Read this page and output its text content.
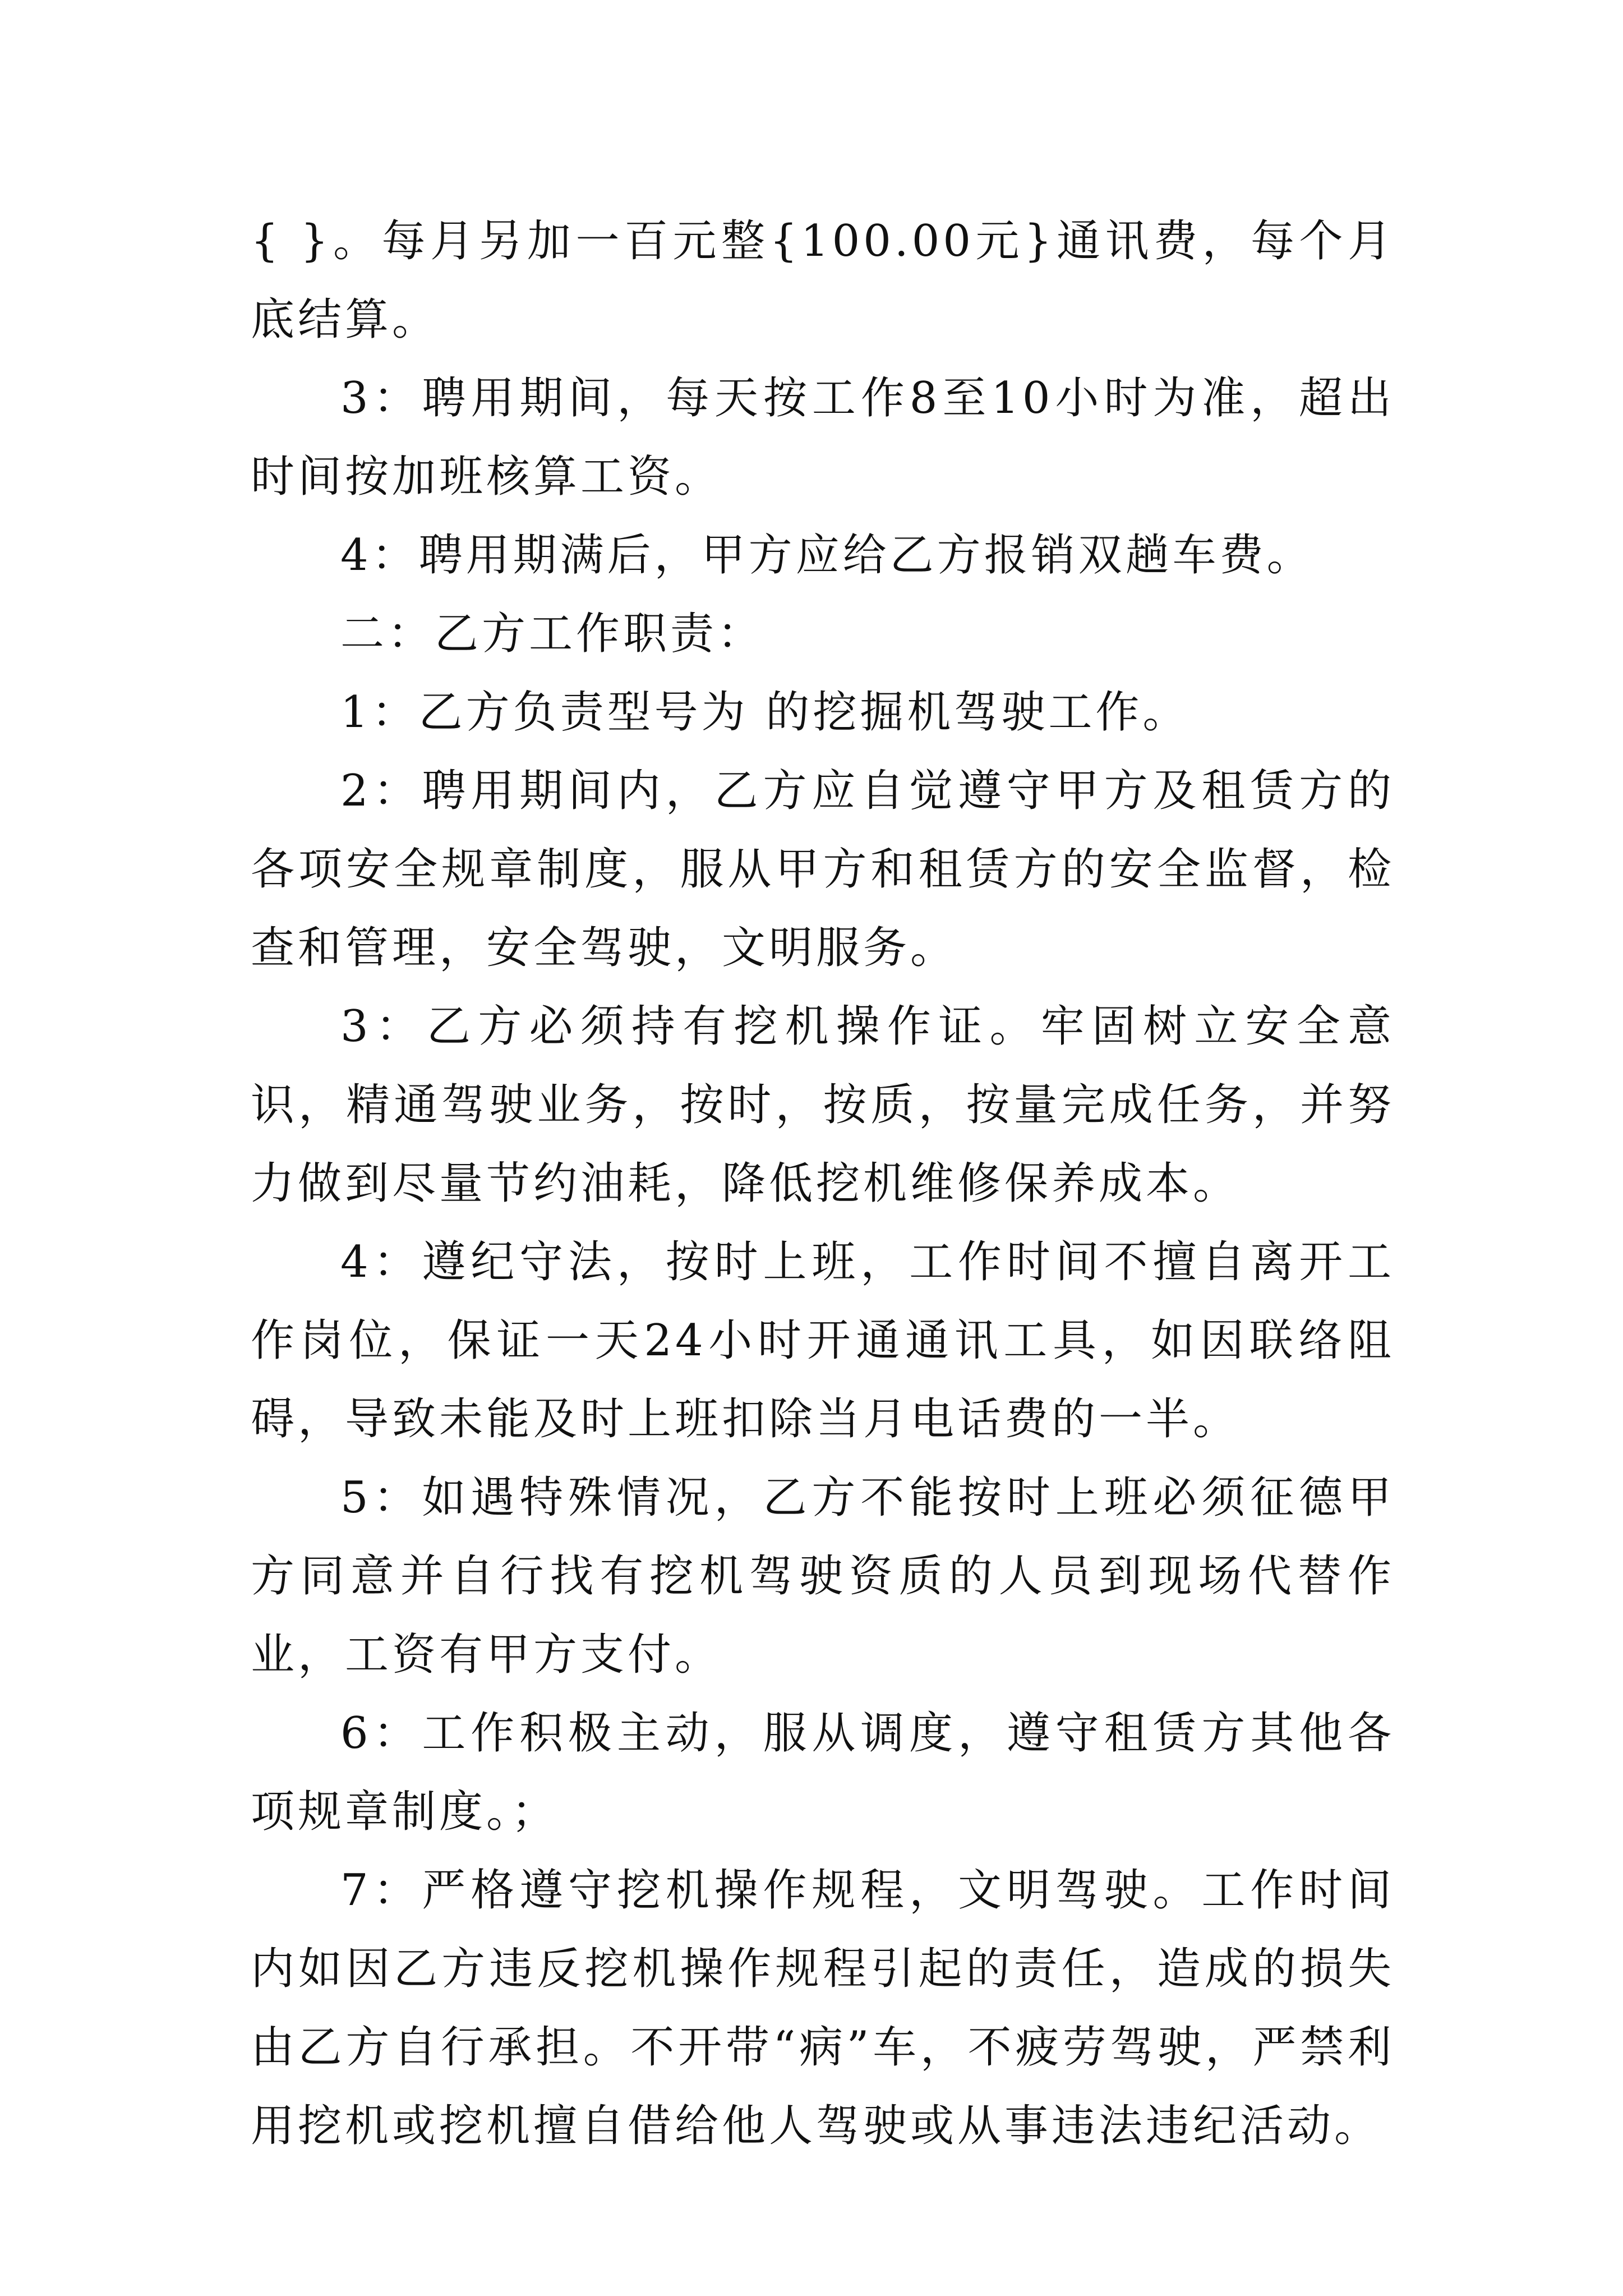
{ }。每月另加一百元整{100.00元}通讯费，每个月底结算。

3：聘用期间，每天按工作8至10小时为准，超出时间按加班核算工资。

4：聘用期满后，甲方应给乙方报销双趟车费。

二：乙方工作职责：

1：乙方负责型号为 的挖掘机驾驶工作。

2：聘用期间内，乙方应自觉遵守甲方及租赁方的各项安全规章制度，服从甲方和租赁方的安全监督，检查和管理，安全驾驶，文明服务。

3：乙方必须持有挖机操作证。牢固树立安全意识，精通驾驶业务，按时，按质，按量完成任务，并努力做到尽量节约油耗，降低挖机维修保养成本。

4：遵纪守法，按时上班，工作时间不擅自离开工作岗位，保证一天24小时开通通讯工具，如因联络阻碍，导致未能及时上班扣除当月电话费的一半。

5：如遇特殊情况，乙方不能按时上班必须征德甲方同意并自行找有挖机驾驶资质的人员到现场代替作业，工资有甲方支付。

6：工作积极主动，服从调度，遵守租赁方其他各项规章制度。；

7：严格遵守挖机操作规程，文明驾驶。工作时间内如因乙方违反挖机操作规程引起的责任，造成的损失由乙方自行承担。不开带“病”车，不疲劳驾驶，严禁利用挖机或挖机擅自借给他人驾驶或从事违法违纪活动。
